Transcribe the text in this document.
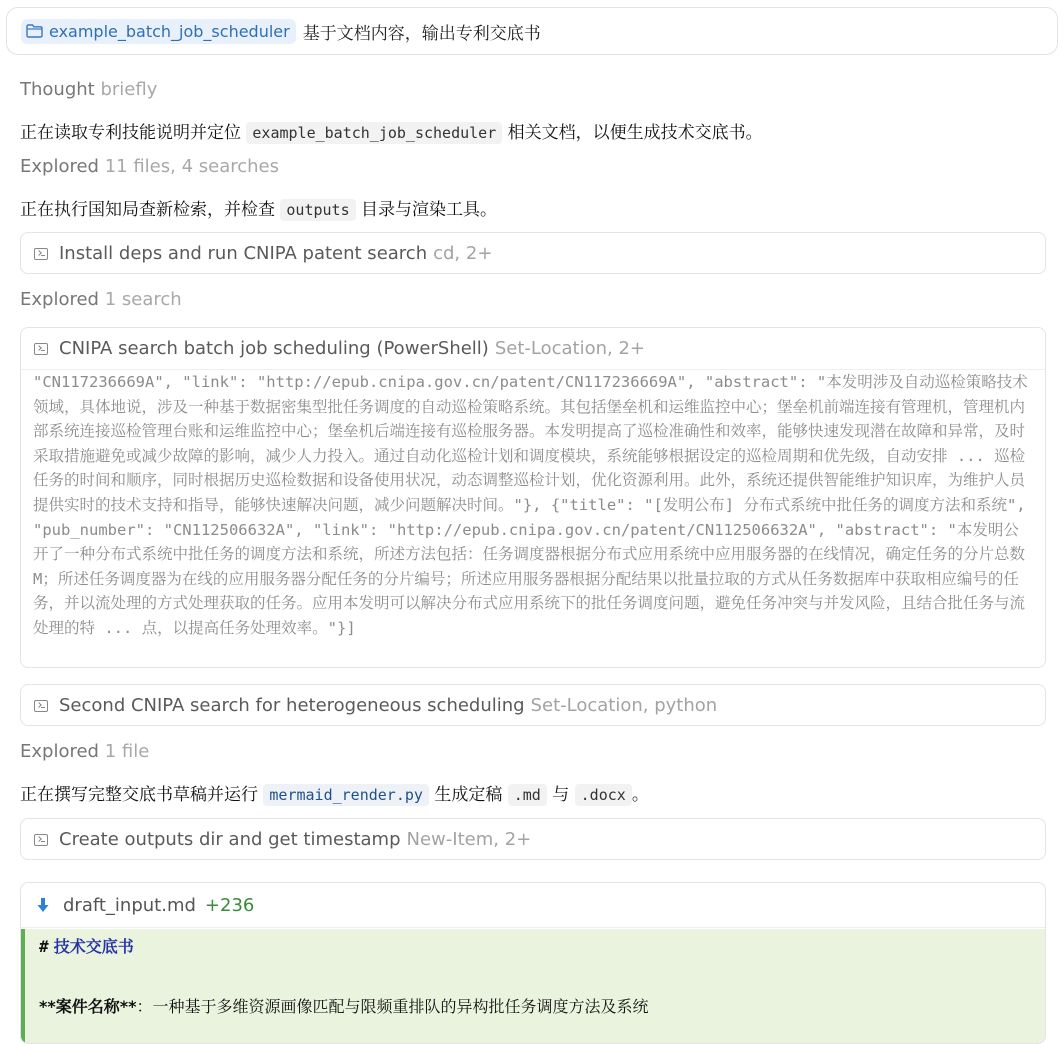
example_batch_job_scheduler 基于文档内容，输出专利交底书
Thought briefly
正在读取专利技能说明并定位 example_batch_job_scheduler 相关文档，以便生成技术交底书。
Explored 11 files, 4 searches
正在执行国知局查新检索，并检查 outputs 目录与渲染工具。
Install deps and run CNIPA patent search cd, 2+
Explored 1 search
CNIPA search batch job scheduling (PowerShell) Set-Location, 2+
"CN117236669A", "link": "http://epub.cnipa.gov.cn/patent/CN117236669A", "abstract": "本发明涉及自动巡检策略技术领域，具体地说，涉及一种基于数据密集型批任务调度的自动巡检策略系统。其包括堡垒机和运维监控中心；堡垒机前端连接有管理机，管理机内部系统连接巡检管理台账和运维监控中心；堡垒机后端连接有巡检服务器。本发明提高了巡检准确性和效率，能够快速发现潜在故障和异常，及时采取措施避免或减少故障的影响，减少人力投入。通过自动化巡检计划和调度模块，系统能够根据设定的巡检周期和优先级，自动安排 ... 巡检任务的时间和顺序，同时根据历史巡检数据和设备使用状况，动态调整巡检计划，优化资源利用。此外，系统还提供智能维护知识库，为维护人员提供实时的技术支持和指导，能够快速解决问题，减少问题解决时间。"}, {"title": "[发明公布] 分布式系统中批任务的调度方法和系统", "pub_number": "CN112506632A", "link": "http://epub.cnipa.gov.cn/patent/CN112506632A", "abstract": "本发明公开了一种分布式系统中批任务的调度方法和系统，所述方法包括：任务调度器根据分布式应用系统中应用服务器的在线情况，确定任务的分片总数M；所述任务调度器为在线的应用服务器分配任务的分片编号；所述应用服务器根据分配结果以批量拉取的方式从任务数据库中获取相应编号的任务，并以流处理的方式处理获取的任务。应用本发明可以解决分布式应用系统下的批任务调度问题，避免任务冲突与并发风险，且结合批任务与流处理的特 ... 点，以提高任务处理效率。"}]
Second CNIPA search for heterogeneous scheduling Set-Location, python
Explored 1 file
正在撰写完整交底书草稿并运行 mermaid_render.py 生成定稿 .md 与 .docx 。
Create outputs dir and get timestamp New-Item, 2+
draft_input.md +236
# 技术交底书
**案件名称**：一种基于多维资源画像匹配与限频重排队的异构批任务调度方法及系统
